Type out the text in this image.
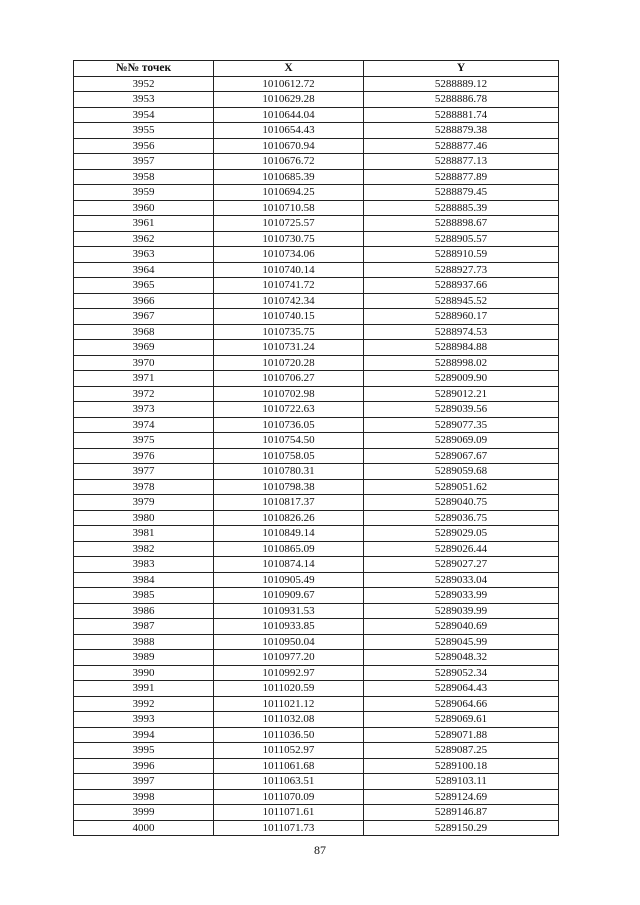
№№ точек	X	Y
3952	1010612.72	5288889.12
3953	1010629.28	5288886.78
3954	1010644.04	5288881.74
3955	1010654.43	5288879.38
3956	1010670.94	5288877.46
3957	1010676.72	5288877.13
3958	1010685.39	5288877.89
3959	1010694.25	5288879.45
3960	1010710.58	5288885.39
3961	1010725.57	5288898.67
3962	1010730.75	5288905.57
3963	1010734.06	5288910.59
3964	1010740.14	5288927.73
3965	1010741.72	5288937.66
3966	1010742.34	5288945.52
3967	1010740.15	5288960.17
3968	1010735.75	5288974.53
3969	1010731.24	5288984.88
3970	1010720.28	5288998.02
3971	1010706.27	5289009.90
3972	1010702.98	5289012.21
3973	1010722.63	5289039.56
3974	1010736.05	5289077.35
3975	1010754.50	5289069.09
3976	1010758.05	5289067.67
3977	1010780.31	5289059.68
3978	1010798.38	5289051.62
3979	1010817.37	5289040.75
3980	1010826.26	5289036.75
3981	1010849.14	5289029.05
3982	1010865.09	5289026.44
3983	1010874.14	5289027.27
3984	1010905.49	5289033.04
3985	1010909.67	5289033.99
3986	1010931.53	5289039.99
3987	1010933.85	5289040.69
3988	1010950.04	5289045.99
3989	1010977.20	5289048.32
3990	1010992.97	5289052.34
3991	1011020.59	5289064.43
3992	1011021.12	5289064.66
3993	1011032.08	5289069.61
3994	1011036.50	5289071.88
3995	1011052.97	5289087.25
3996	1011061.68	5289100.18
3997	1011063.51	5289103.11
3998	1011070.09	5289124.69
3999	1011071.61	5289146.87
4000	1011071.73	5289150.29
87
